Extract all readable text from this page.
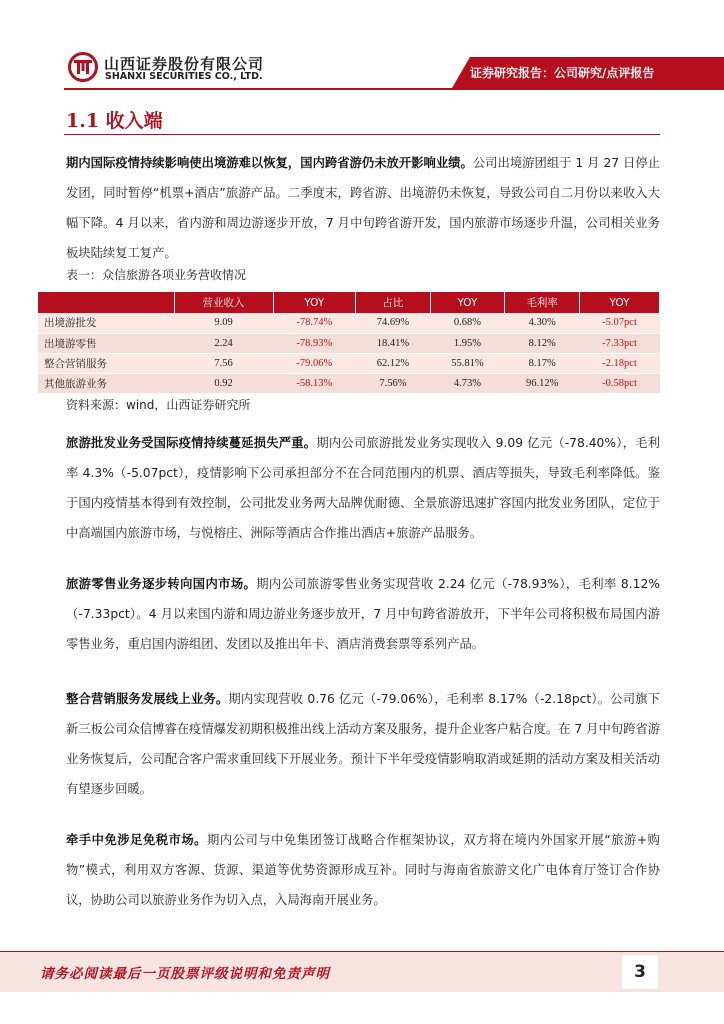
山西证券股份有限公司
SHANXI SECURITIES CO., LTD.	证券研究报告：公司研究/点评报告
1.1 收入端
期内国际疫情持续影响使出境游难以恢复，国内跨省游仍未放开影响业绩。公司出境游团组于 1 月 27 日停止发团，同时暂停“机票+酒店”旅游产品。二季度末，跨省游、出境游仍未恢复，导致公司自二月份以来收入大幅下降。4 月以来，省内游和周边游逐步开放，7 月中旬跨省游开发，国内旅游市场逐步升温，公司相关业务板块陆续复工复产。
表一：众信旅游各项业务营收情况
	营业收入	YOY	占比	YOY	毛利率	YOY
出境游批发	9.09	-78.74%	74.69%	0.68%	4.30%	-5.07pct
出境游零售	2.24	-78.93%	18.41%	1.95%	8.12%	-7.33pct
整合营销服务	7.56	-79.06%	62.12%	55.81%	8.17%	-2.18pct
其他旅游业务	0.92	-58.13%	7.56%	4.73%	96.12%	-0.58pct
资料来源：wind，山西证券研究所
旅游批发业务受国际疫情持续蔓延损失严重。期内公司旅游批发业务实现收入 9.09 亿元（-78.40%），毛利率 4.3%（-5.07pct），疫情影响下公司承担部分不在合同范围内的机票、酒店等损失，导致毛利率降低。鉴于国内疫情基本得到有效控制，公司批发业务两大品牌优耐德、全景旅游迅速扩容国内批发业务团队，定位于中高端国内旅游市场，与悦榕庄、洲际等酒店合作推出酒店+旅游产品服务。
旅游零售业务逐步转向国内市场。期内公司旅游零售业务实现营收 2.24 亿元（-78.93%），毛利率 8.12%（-7.33pct）。4 月以来国内游和周边游业务逐步放开，7 月中旬跨省游放开，下半年公司将积极布局国内游零售业务，重启国内游组团、发团以及推出年卡、酒店消费套票等系列产品。
整合营销服务发展线上业务。期内实现营收 0.76 亿元（-79.06%），毛利率 8.17%（-2.18pct）。公司旗下新三板公司众信博睿在疫情爆发初期积极推出线上活动方案及服务，提升企业客户粘合度。在 7 月中旬跨省游业务恢复后，公司配合客户需求重回线下开展业务。预计下半年受疫情影响取消或延期的活动方案及相关活动有望逐步回暖。
牵手中免涉足免税市场。期内公司与中免集团签订战略合作框架协议，双方将在境内外国家开展“旅游+购物”模式，利用双方客源、货源、渠道等优势资源形成互补。同时与海南省旅游文化广电体育厅签订合作协议，协助公司以旅游业务作为切入点，入局海南开展业务。
请务必阅读最后一页股票评级说明和免责声明	3
